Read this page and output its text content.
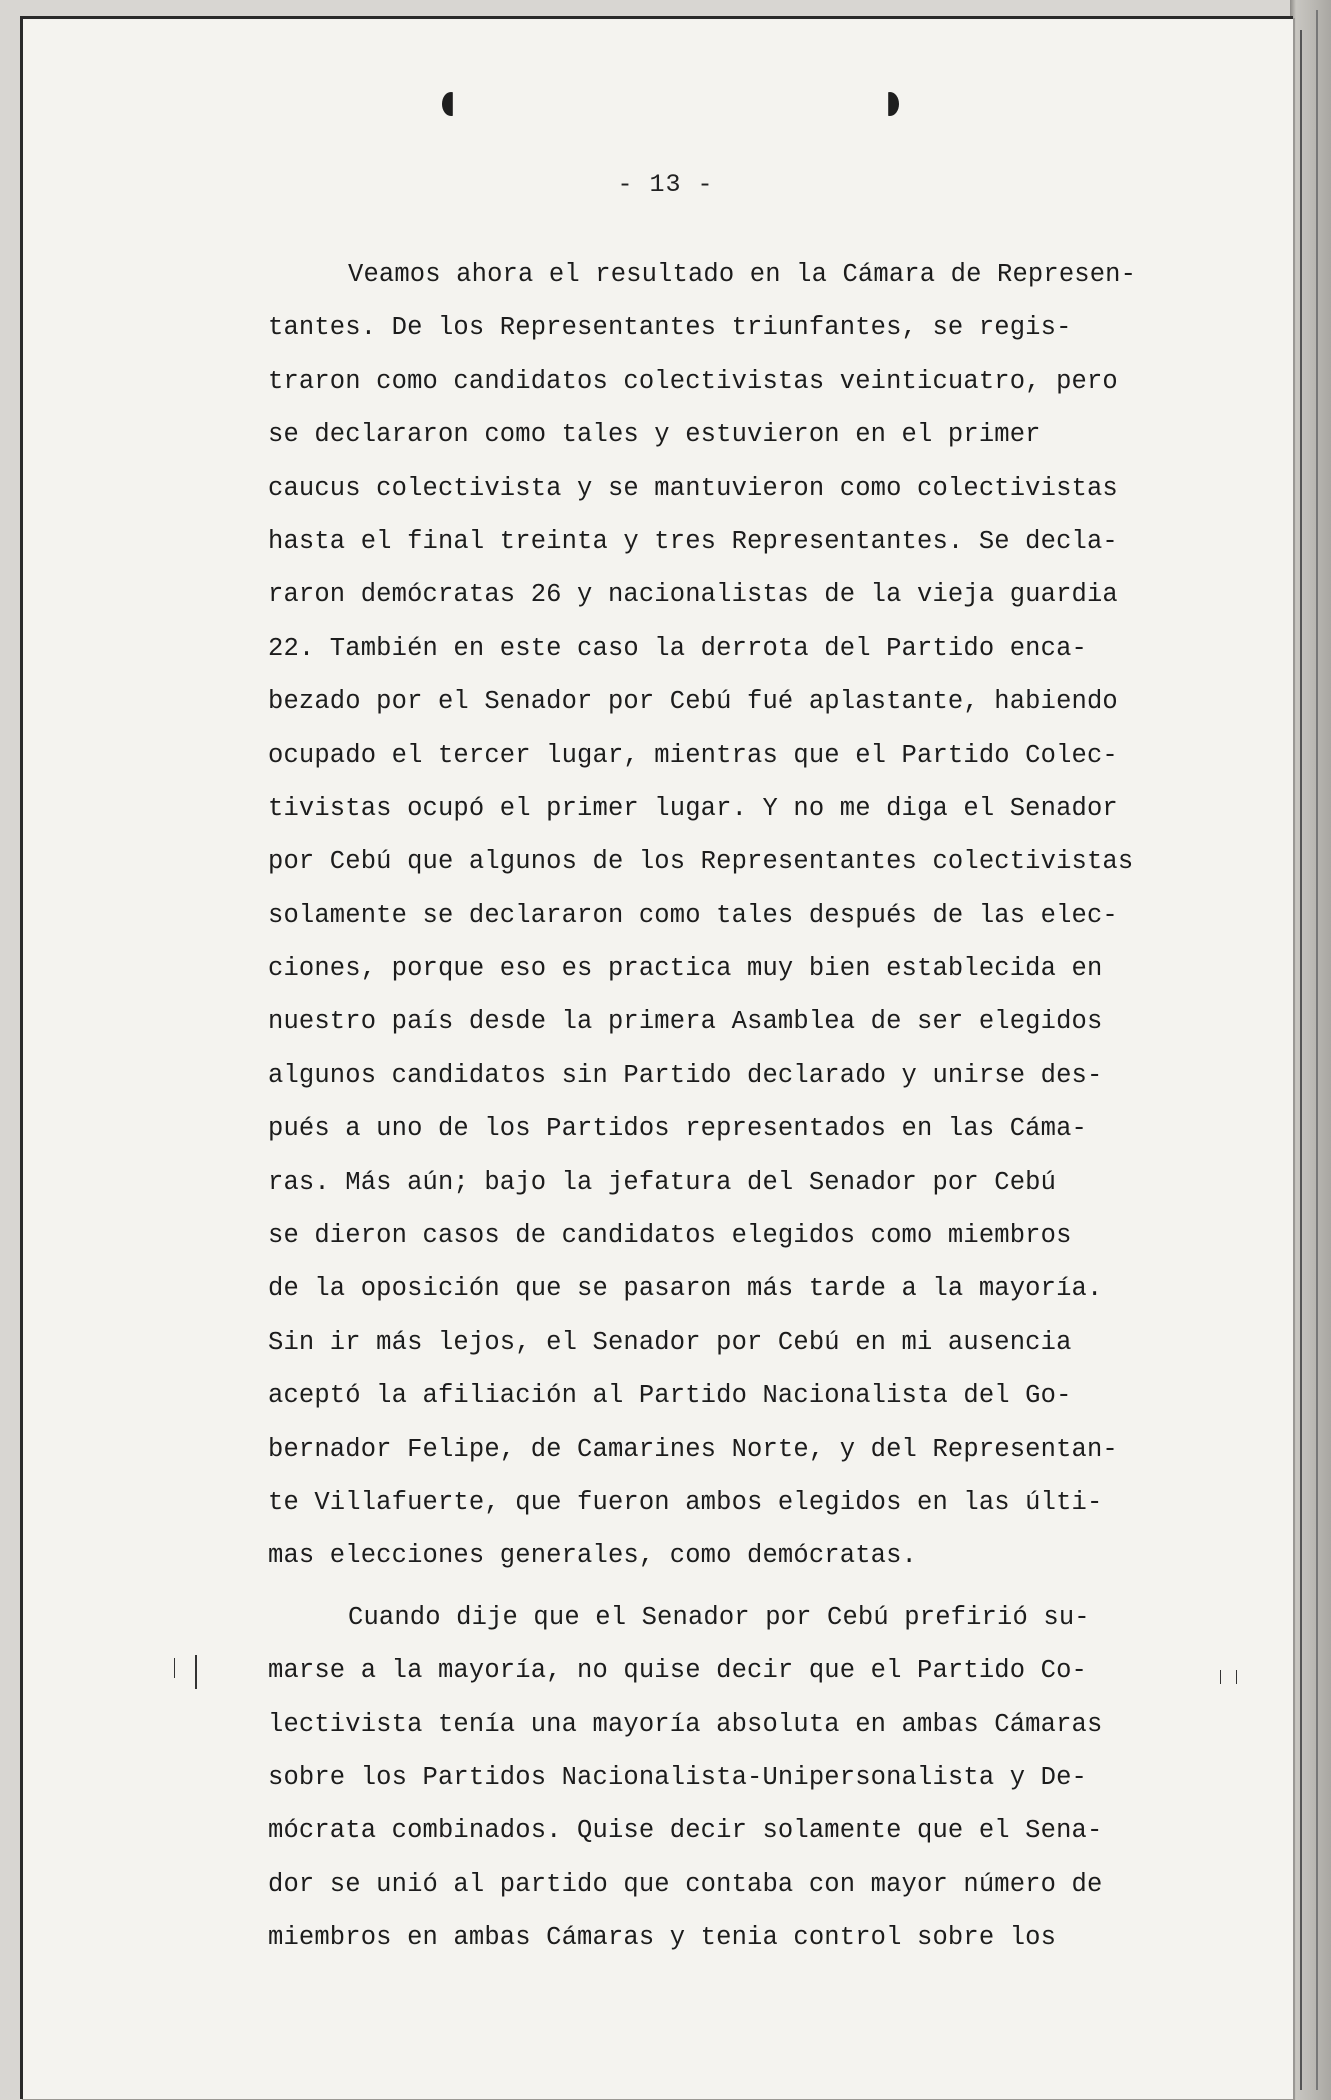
- 13 -
Veamos ahora el resultado en la Cámara de Represen-
tantes. De los Representantes triunfantes, se regis-
traron como candidatos colectivistas veinticuatro, pero
se declararon como tales y estuvieron en el primer
caucus colectivista y se mantuvieron como colectivistas
hasta el final treinta y tres Representantes. Se decla-
raron demócratas 26 y nacionalistas de la vieja guardia
22. También en este caso la derrota del Partido enca-
bezado por el Senador por Cebú fué aplastante, habiendo
ocupado el tercer lugar, mientras que el Partido Colec-
tivistas ocupó el primer lugar. Y no me diga el Senador
por Cebú que algunos de los Representantes colectivistas
solamente se declararon como tales después de las elec-
ciones, porque eso es practica muy bien establecida en
nuestro país desde la primera Asamblea de ser elegidos
algunos candidatos sin Partido declarado y unirse des-
pués a uno de los Partidos representados en las Cáma-
ras. Más aún; bajo la jefatura del Senador por Cebú
se dieron casos de candidatos elegidos como miembros
de la oposición que se pasaron más tarde a la mayoría.
Sin ir más lejos, el Senador por Cebú en mi ausencia
aceptó la afiliación al Partido Nacionalista del Go-
bernador Felipe, de Camarines Norte, y del Representan-
te Villafuerte, que fueron ambos elegidos en las últi-
mas elecciones generales, como demócratas.
Cuando dije que el Senador por Cebú prefirió su-
marse a la mayoría, no quise decir que el Partido Co-
lectivista tenía una mayoría absoluta en ambas Cámaras
sobre los Partidos Nacionalista-Unipersonalista y De-
mócrata combinados. Quise decir solamente que el Sena-
dor se unió al partido que contaba con mayor número de
miembros en ambas Cámaras y tenia control sobre los
